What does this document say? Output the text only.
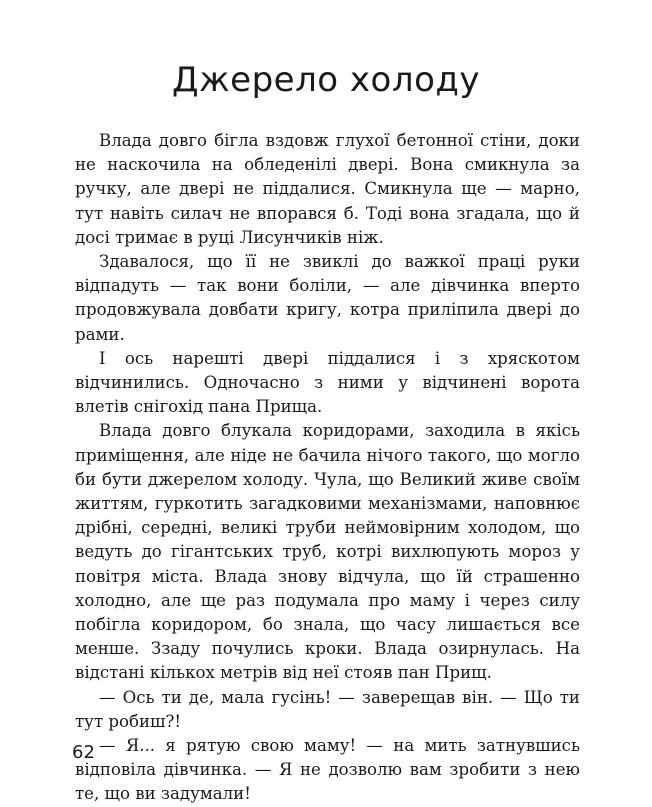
Джерело холоду

Влада довго бігла вздовж глухої бетонної стіни, доки не наскочила на обледенілі двері. Вона смикнула за ручку, але двері не піддалися. Смикнула ще — марно, тут навіть силач не впорався б. Тоді вона згадала, що й досі тримає в руці Лисунчиків ніж.

Здавалося, що її не звиклі до важкої праці руки відпадуть — так вони боліли, — але дівчинка вперто продовжувала довбати кригу, котра приліпила двері до рами.

І ось нарешті двері піддалися і з хряскотом відчинились. Одночасно з ними у відчинені ворота влетів снігохід пана Прища.

Влада довго блукала коридорами, заходила в якісь приміщення, але ніде не бачила нічого такого, що могло би бути джерелом холоду. Чула, що Великий живе своїм життям, гуркотить загадковими механізмами, наповнює дрібні, середні, великі труби неймовірним холодом, що ведуть до гігантських труб, котрі вихлюпують мороз у повітря міста. Влада знову відчула, що їй страшенно холодно, але ще раз подумала про маму і через силу побігла коридором, бо знала, що часу лишається все менше. Ззаду почулись кроки. Влада озирнулась. На відстані кількох метрів від неї стояв пан Прищ.

— Ось ти де, мала гусінь! — заверещав він. — Що ти тут робиш?!

— Я... я рятую свою маму! — на мить затнувшись відповіла дівчинка. — Я не дозволю вам зробити з нею те, що ви задумали!

62
